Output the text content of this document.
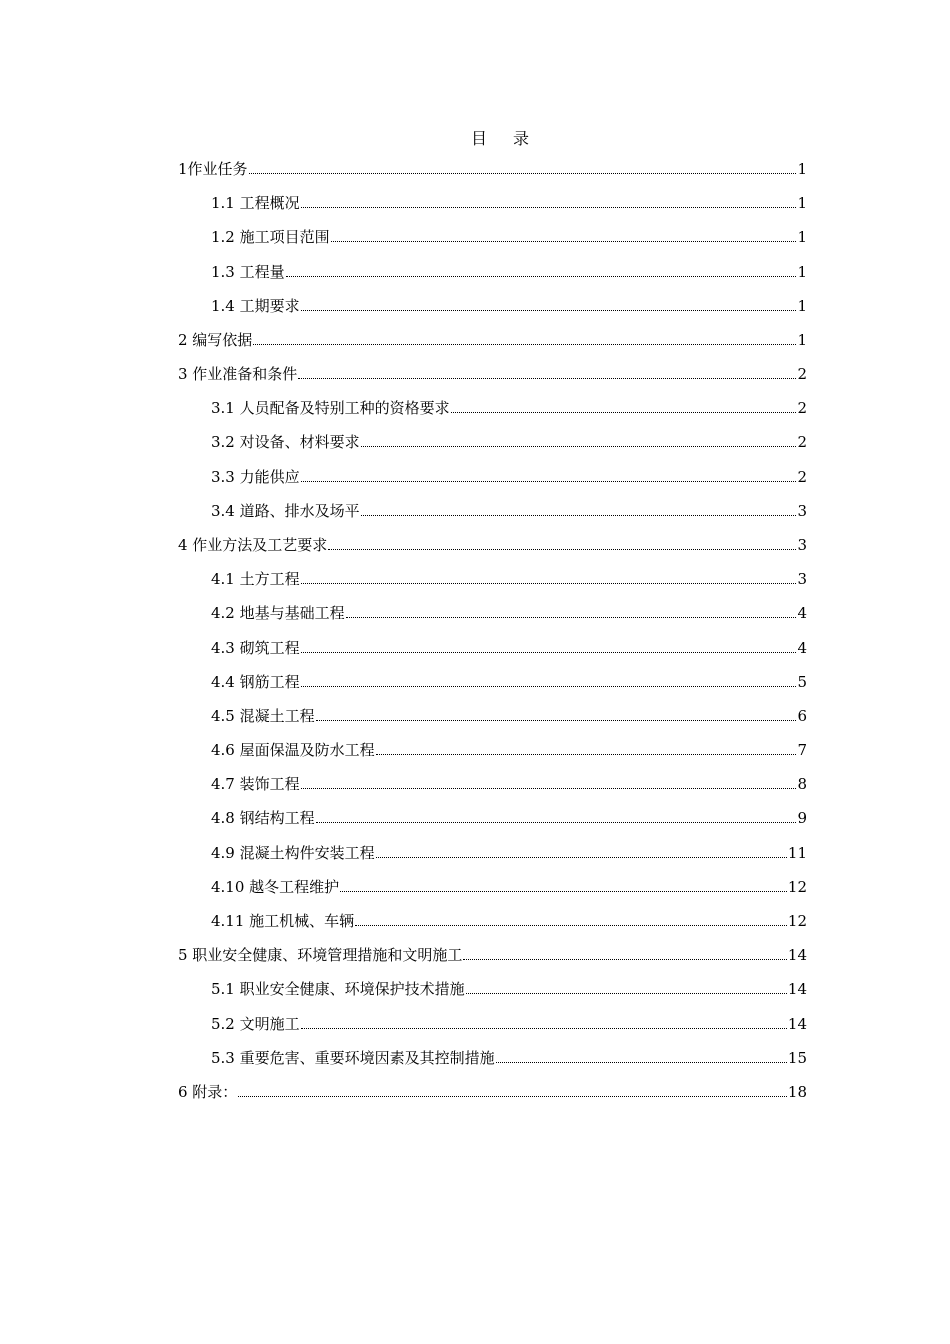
目 录
1作业任务	1
1.1 工程概况	1
1.2 施工项目范围	1
1.3 工程量	1
1.4 工期要求	1
2 编写依据	1
3 作业准备和条件	2
3.1 人员配备及特别工种的资格要求	2
3.2 对设备、材料要求	2
3.3 力能供应	2
3.4 道路、排水及场平	3
4 作业方法及工艺要求	3
4.1 土方工程	3
4.2 地基与基础工程	4
4.3 砌筑工程	4
4.4 钢筋工程	5
4.5 混凝土工程	6
4.6 屋面保温及防水工程	7
4.7 装饰工程	8
4.8 钢结构工程	9
4.9 混凝土构件安装工程	11
4.10 越冬工程维护	12
4.11 施工机械、车辆	12
5 职业安全健康、环境管理措施和文明施工	14
5.1 职业安全健康、环境保护技术措施	14
5.2 文明施工	14
5.3 重要危害、重要环境因素及其控制措施	15
6 附录：	18
